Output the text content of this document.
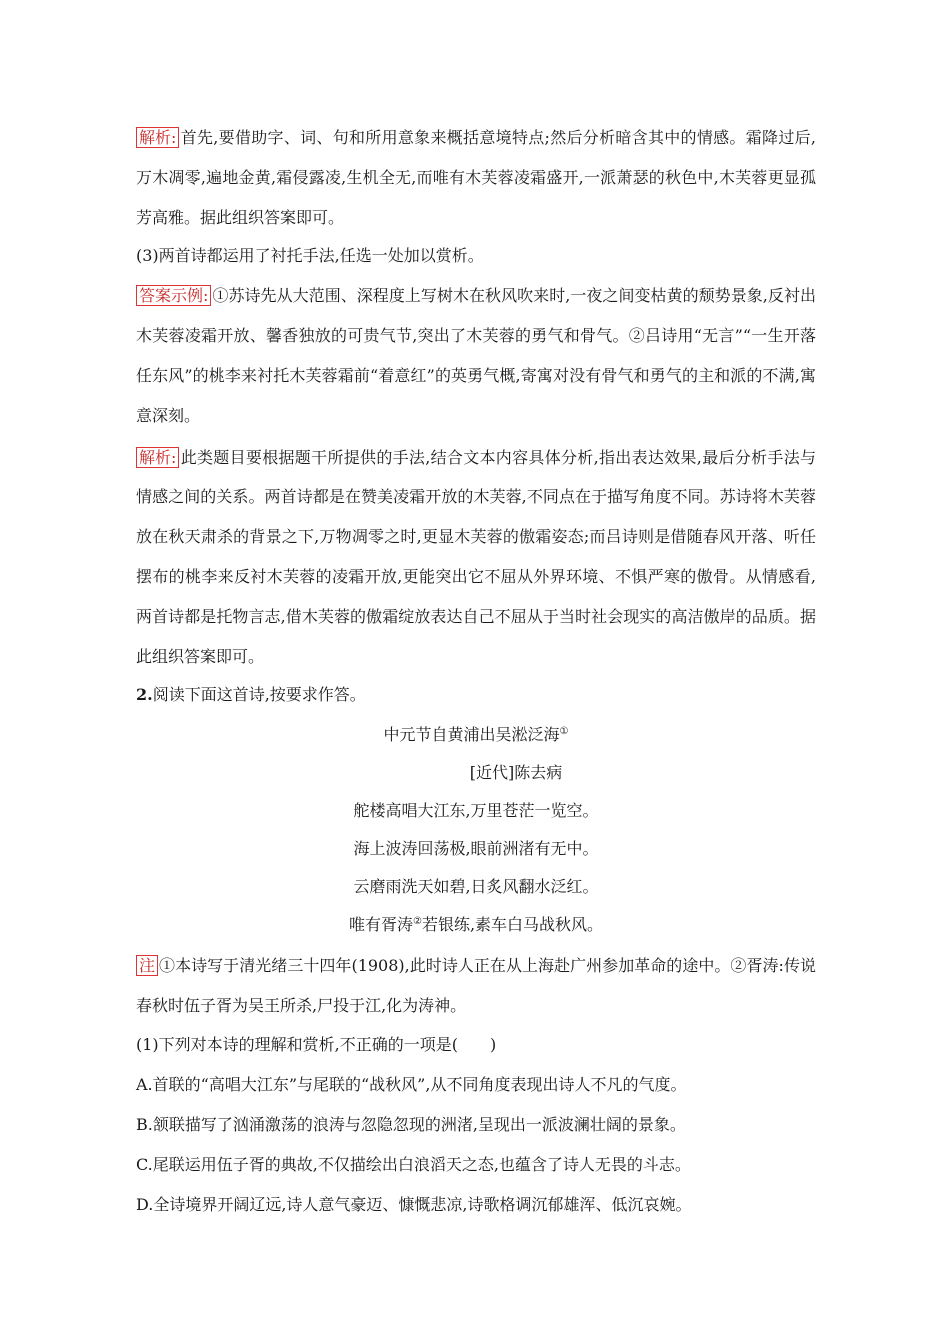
解析: 首先,要借助字、词、句和所用意象来概括意境特点;然后分析暗含其中的情感。霜降过后,万木凋零,遍地金黄,霜侵露凌,生机全无,而唯有木芙蓉凌霜盛开,一派萧瑟的秋色中,木芙蓉更显孤芳高雅。据此组织答案即可。

(3)两首诗都运用了衬托手法,任选一处加以赏析。

答案示例: ①苏诗先从大范围、深程度上写树木在秋风吹来时,一夜之间变枯黄的颓势景象,反衬出木芙蓉凌霜开放、馨香独放的可贵气节,突出了木芙蓉的勇气和骨气。②吕诗用“无言”“一生开落任东风”的桃李来衬托木芙蓉霜前“着意红”的英勇气概,寄寓对没有骨气和勇气的主和派的不满,寓意深刻。

解析: 此类题目要根据题干所提供的手法,结合文本内容具体分析,指出表达效果,最后分析手法与情感之间的关系。两首诗都是在赞美凌霜开放的木芙蓉,不同点在于描写角度不同。苏诗将木芙蓉放在秋天肃杀的背景之下,万物凋零之时,更显木芙蓉的傲霜姿态;而吕诗则是借随春风开落、听任摆布的桃李来反衬木芙蓉的凌霜开放,更能突出它不屈从外界环境、不惧严寒的傲骨。从情感看,两首诗都是托物言志,借木芙蓉的傲霜绽放表达自己不屈从于当时社会现实的高洁傲岸的品质。据此组织答案即可。

2.阅读下面这首诗,按要求作答。

中元节自黄浦出吴淞泛海①

[近代]陈去病

舵楼高唱大江东,万里苍茫一览空。

海上波涛回荡极,眼前洲渚有无中。

云磨雨洗天如碧,日炙风翻水泛红。

唯有胥涛②若银练,素车白马战秋风。

注 ①本诗写于清光绪三十四年(1908),此时诗人正在从上海赴广州参加革命的途中。②胥涛:传说春秋时伍子胥为吴王所杀,尸投于江,化为涛神。

(1)下列对本诗的理解和赏析,不正确的一项是(　　)

A.首联的“高唱大江东”与尾联的“战秋风”,从不同角度表现出诗人不凡的气度。

B.颔联描写了汹涌激荡的浪涛与忽隐忽现的洲渚,呈现出一派波澜壮阔的景象。

C.尾联运用伍子胥的典故,不仅描绘出白浪滔天之态,也蕴含了诗人无畏的斗志。

D.全诗境界开阔辽远,诗人意气豪迈、慷慨悲凉,诗歌格调沉郁雄浑、低沉哀婉。
